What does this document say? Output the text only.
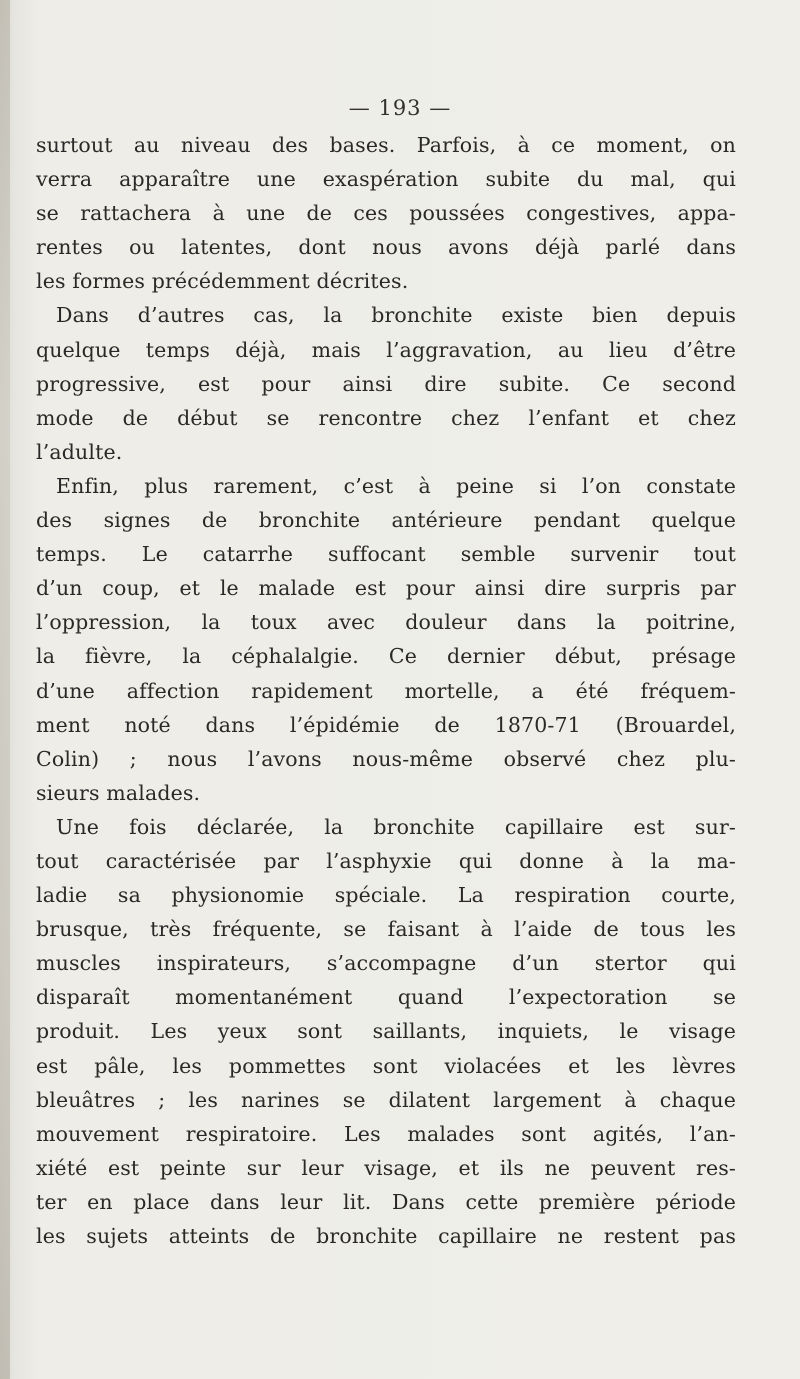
— 193 —
surtout au niveau des bases. Parfois, à ce moment, on
verra apparaître une exaspération subite du mal, qui
se rattachera à une de ces poussées congestives, appa-
rentes ou latentes, dont nous avons déjà parlé dans
les formes précédemment décrites.
Dans d’autres cas, la bronchite existe bien depuis
quelque temps déjà, mais l’aggravation, au lieu d’être
progressive, est pour ainsi dire subite. Ce second
mode de début se rencontre chez l’enfant et chez
l’adulte.
Enfin, plus rarement, c’est à peine si l’on constate
des signes de bronchite antérieure pendant quelque
temps. Le catarrhe suffocant semble survenir tout
d’un coup, et le malade est pour ainsi dire surpris par
l’oppression, la toux avec douleur dans la poitrine,
la fièvre, la céphalalgie. Ce dernier début, présage
d’une affection rapidement mortelle, a été fréquem-
ment noté dans l’épidémie de 1870-71 (Brouardel,
Colin) ; nous l’avons nous-même observé chez plu-
sieurs malades.
Une fois déclarée, la bronchite capillaire est sur-
tout caractérisée par l’asphyxie qui donne à la ma-
ladie sa physionomie spéciale. La respiration courte,
brusque, très fréquente, se faisant à l’aide de tous les
muscles inspirateurs, s’accompagne d’un stertor qui
disparaît momentanément quand l’expectoration se
produit. Les yeux sont saillants, inquiets, le visage
est pâle, les pommettes sont violacées et les lèvres
bleuâtres ; les narines se dilatent largement à chaque
mouvement respiratoire. Les malades sont agités, l’an-
xiété est peinte sur leur visage, et ils ne peuvent res-
ter en place dans leur lit. Dans cette première période
les sujets atteints de bronchite capillaire ne restent pas
